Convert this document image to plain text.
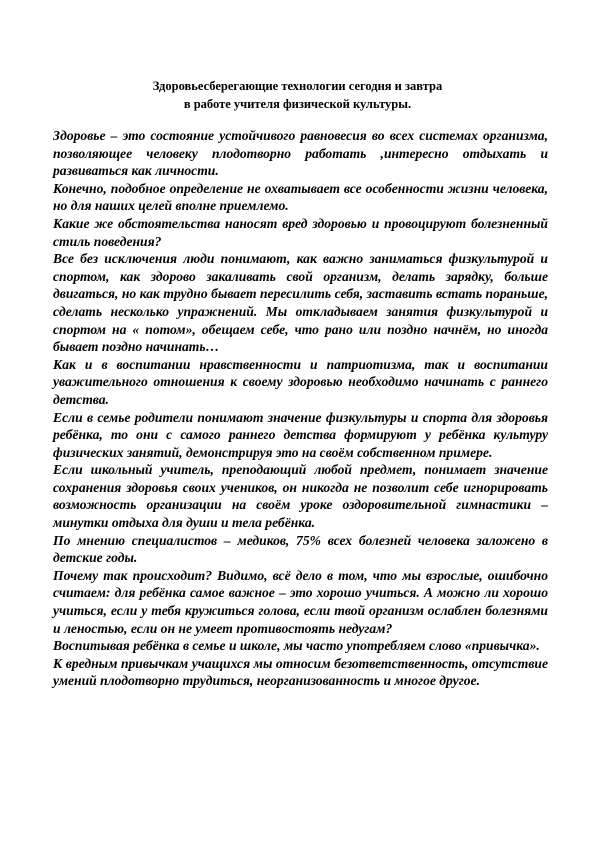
Здоровьесберегающие технологии сегодня и завтра
в работе учителя физической культуры.

Здоровье – это состояние устойчивого равновесия во всех системах организма, позволяющее человеку плодотворно работать ,интересно отдыхать и развиваться как личности.

Конечно, подобное определение не охватывает все особенности жизни человека, но для наших целей вполне приемлемо.

Какие же обстоятельства наносят вред здоровью и провоцируют болезненный стиль поведения?

Все без исключения люди понимают, как важно заниматься физкультурой и спортом, как здорово закаливать свой организм, делать зарядку, больше двигаться, но как трудно бывает пересилить себя, заставить встать пораньше, сделать несколько упражнений. Мы откладываем занятия физкультурой и спортом на « потом», обещаем себе, что рано или поздно начнём, но иногда бывает поздно начинать…

Как и в воспитании нравственности и патриотизма, так и воспитании уважительного отношения к своему здоровью необходимо начинать с раннего детства.

Если в семье родители понимают значение физкультуры и спорта для здоровья ребёнка, то они с самого раннего детства формируют у ребёнка культуру физических занятий, демонстрируя это на своём собственном примере.

Если школьный учитель, преподающий любой предмет, понимает значение сохранения здоровья своих учеников, он никогда не позволит себе игнорировать возможность организации на своём уроке оздоровительной гимнастики – минутки отдыха для души и тела ребёнка.

По мнению специалистов – медиков, 75% всех болезней человека заложено в детские годы.

Почему так происходит? Видимо, всё дело в том, что мы взрослые, ошибочно считаем: для ребёнка самое важное – это хорошо учиться. А можно ли хорошо учиться, если у тебя кружиться голова, если твой организм ослаблен болезнями и леностью, если он не умеет противостоять недугам?

Воспитывая ребёнка в семье и школе, мы часто употребляем слово «привычка».

К вредным привычкам учащихся мы относим безответственность, отсутствие умений плодотворно трудиться, неорганизованность и многое другое.
